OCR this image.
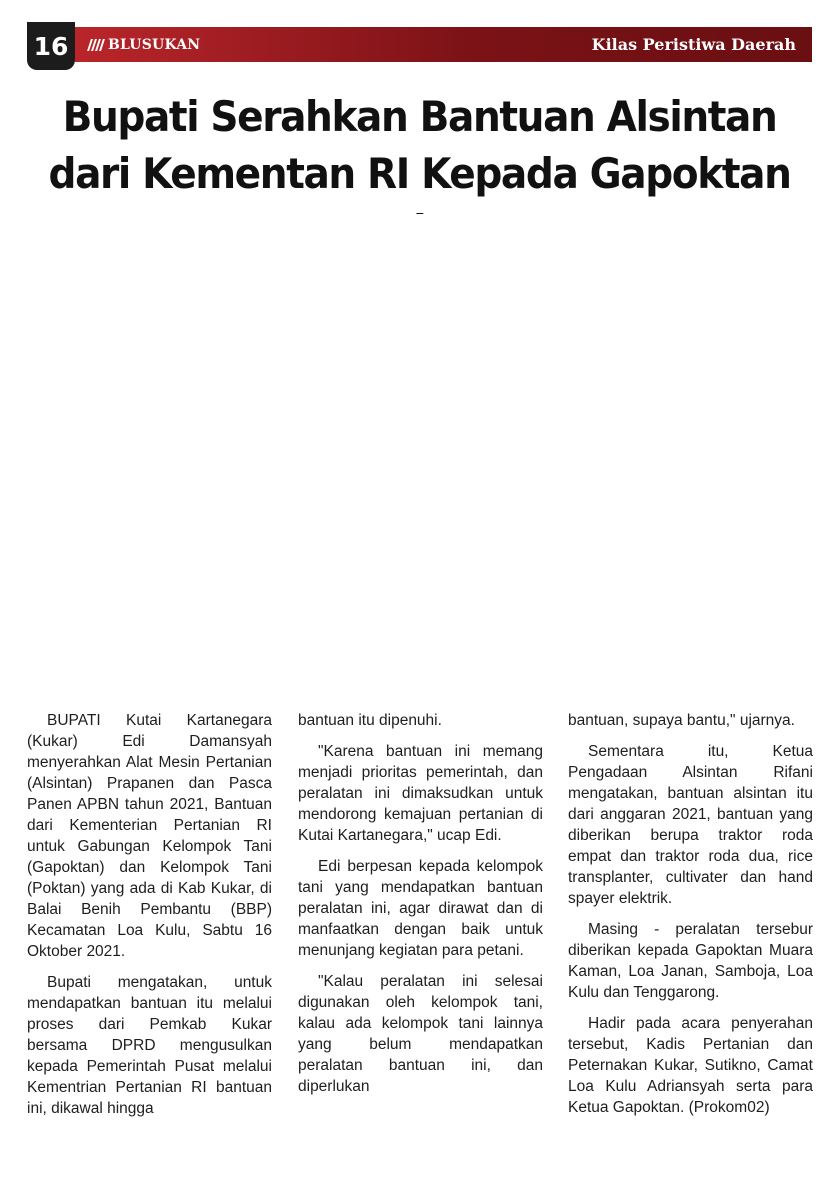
16	BLUSUKAN	Kilas Peristiwa Daerah
Bupati Serahkan Bantuan Alsintan
dari Kementan RI Kepada Gapoktan

BUPATI Kutai Kartanegara (Kukar) Edi Damansyah menyerahkan Alat Mesin Pertanian (Alsintan) Prapanen dan Pasca Panen APBN tahun 2021, Bantuan dari Kementerian Pertanian RI untuk Gabungan Kelompok Tani (Gapoktan) dan Kelompok Tani (Poktan) yang ada di Kab Kukar, di Balai Benih Pembantu (BBP) Kecamatan Loa Kulu, Sabtu 16 Oktober 2021.

Bupati mengatakan, untuk mendapatkan bantuan itu melalui proses dari Pemkab Kukar bersama DPRD mengusulkan kepada Pemerintah Pusat melalui Kementrian Pertanian RI bantuan ini, dikawal hingga

bantuan itu dipenuhi.

"Karena bantuan ini memang menjadi prioritas pemerintah, dan peralatan ini dimaksudkan untuk mendorong kemajuan pertanian di Kutai Kartanegara," ucap Edi.

Edi berpesan kepada kelompok tani yang mendapatkan bantuan peralatan ini, agar dirawat dan di manfaatkan dengan baik untuk menunjang kegiatan para petani.

"Kalau peralatan ini selesai digunakan oleh kelompok tani, kalau ada kelompok tani lainnya yang belum mendapatkan peralatan bantuan ini, dan diperlukan

bantuan, supaya bantu," ujarnya.

Sementara itu, Ketua Pengadaan Alsintan Rifani mengatakan, bantuan alsintan itu dari anggaran 2021, bantuan yang diberikan berupa traktor roda empat dan traktor roda dua, rice transplanter, cultivater dan hand spayer elektrik.

Masing - peralatan tersebur diberikan kepada Gapoktan Muara Kaman, Loa Janan, Samboja, Loa Kulu dan Tenggarong.

Hadir pada acara penyerahan tersebut, Kadis Pertanian dan Peternakan Kukar, Sutikno, Camat Loa Kulu Adriansyah serta para Ketua Gapoktan. (Prokom02)
